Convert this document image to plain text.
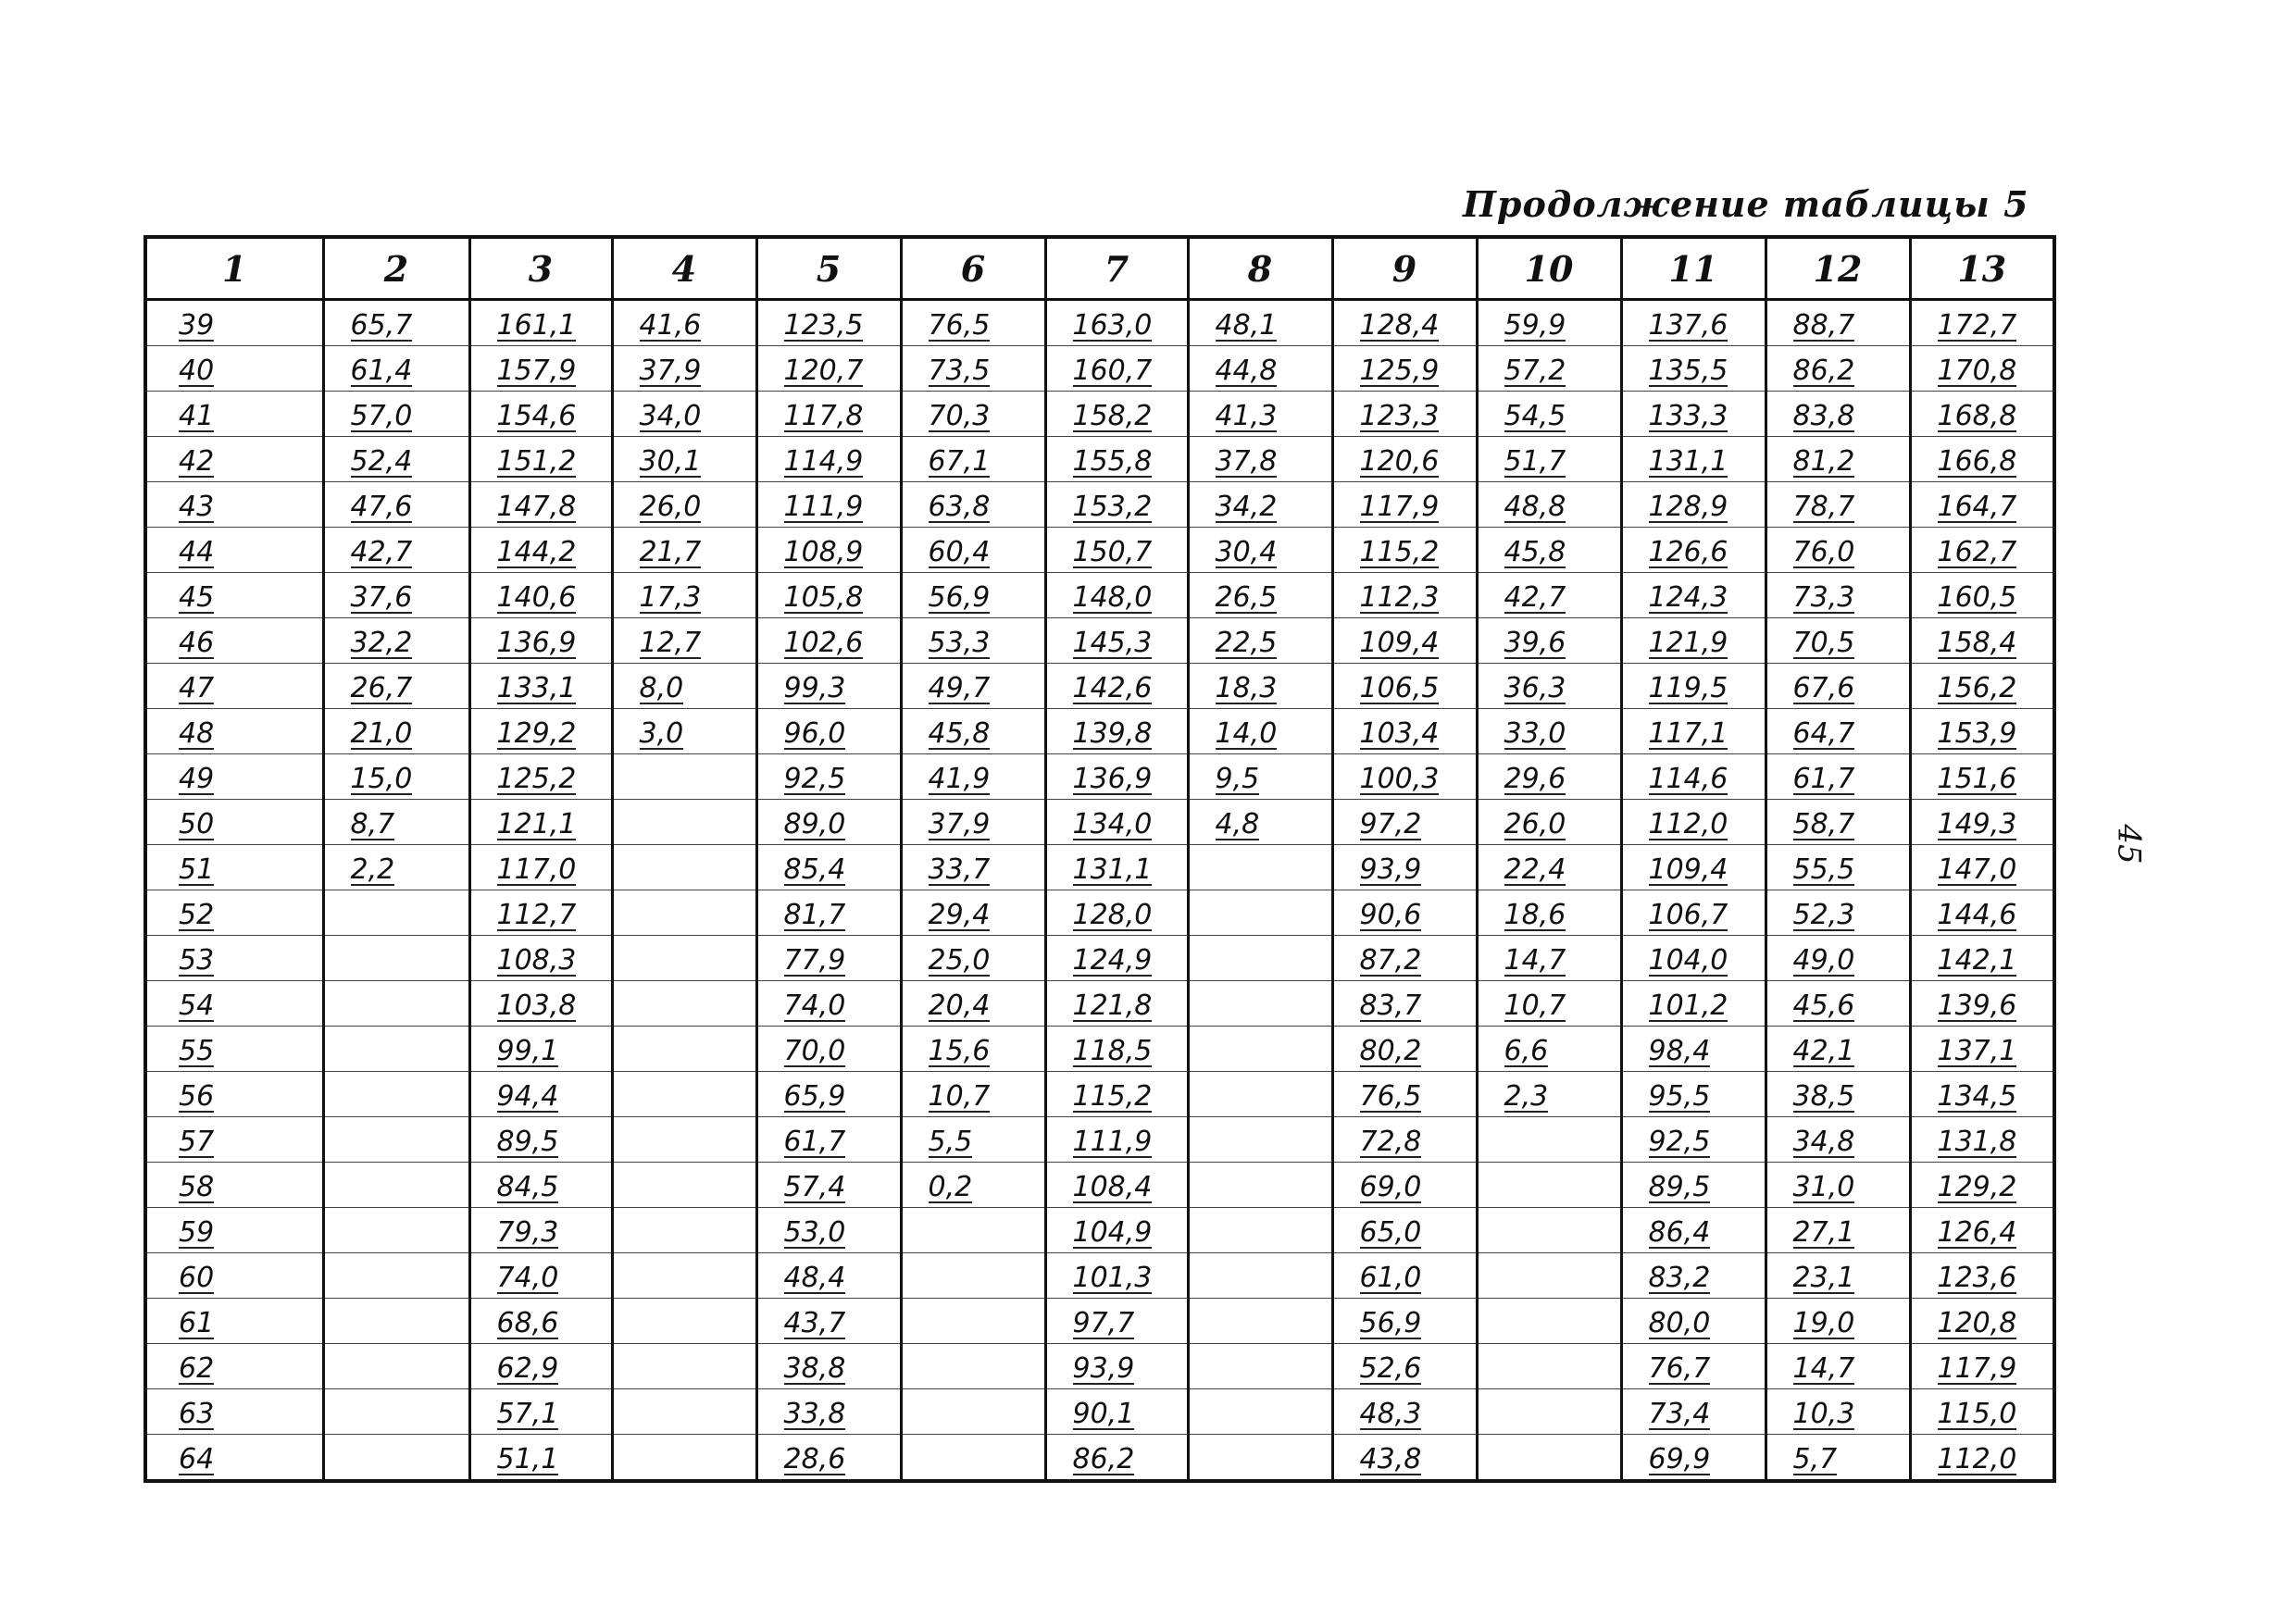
Продолжение таблицы 5
45
1	2	3	4	5	6	7	8	9	10	11	12	13
39	65,7	161,1	41,6	123,5	76,5	163,0	48,1	128,4	59,9	137,6	88,7	172,7
40	61,4	157,9	37,9	120,7	73,5	160,7	44,8	125,9	57,2	135,5	86,2	170,8
41	57,0	154,6	34,0	117,8	70,3	158,2	41,3	123,3	54,5	133,3	83,8	168,8
42	52,4	151,2	30,1	114,9	67,1	155,8	37,8	120,6	51,7	131,1	81,2	166,8
43	47,6	147,8	26,0	111,9	63,8	153,2	34,2	117,9	48,8	128,9	78,7	164,7
44	42,7	144,2	21,7	108,9	60,4	150,7	30,4	115,2	45,8	126,6	76,0	162,7
45	37,6	140,6	17,3	105,8	56,9	148,0	26,5	112,3	42,7	124,3	73,3	160,5
46	32,2	136,9	12,7	102,6	53,3	145,3	22,5	109,4	39,6	121,9	70,5	158,4
47	26,7	133,1	8,0	99,3	49,7	142,6	18,3	106,5	36,3	119,5	67,6	156,2
48	21,0	129,2	3,0	96,0	45,8	139,8	14,0	103,4	33,0	117,1	64,7	153,9
49	15,0	125,2		92,5	41,9	136,9	9,5	100,3	29,6	114,6	61,7	151,6
50	8,7	121,1		89,0	37,9	134,0	4,8	97,2	26,0	112,0	58,7	149,3
51	2,2	117,0		85,4	33,7	131,1		93,9	22,4	109,4	55,5	147,0
52		112,7		81,7	29,4	128,0		90,6	18,6	106,7	52,3	144,6
53		108,3		77,9	25,0	124,9		87,2	14,7	104,0	49,0	142,1
54		103,8		74,0	20,4	121,8		83,7	10,7	101,2	45,6	139,6
55		99,1		70,0	15,6	118,5		80,2	6,6	98,4	42,1	137,1
56		94,4		65,9	10,7	115,2		76,5	2,3	95,5	38,5	134,5
57		89,5		61,7	5,5	111,9		72,8		92,5	34,8	131,8
58		84,5		57,4	0,2	108,4		69,0		89,5	31,0	129,2
59		79,3		53,0		104,9		65,0		86,4	27,1	126,4
60		74,0		48,4		101,3		61,0		83,2	23,1	123,6
61		68,6		43,7		97,7		56,9		80,0	19,0	120,8
62		62,9		38,8		93,9		52,6		76,7	14,7	117,9
63		57,1		33,8		90,1		48,3		73,4	10,3	115,0
64		51,1		28,6		86,2		43,8		69,9	5,7	112,0
